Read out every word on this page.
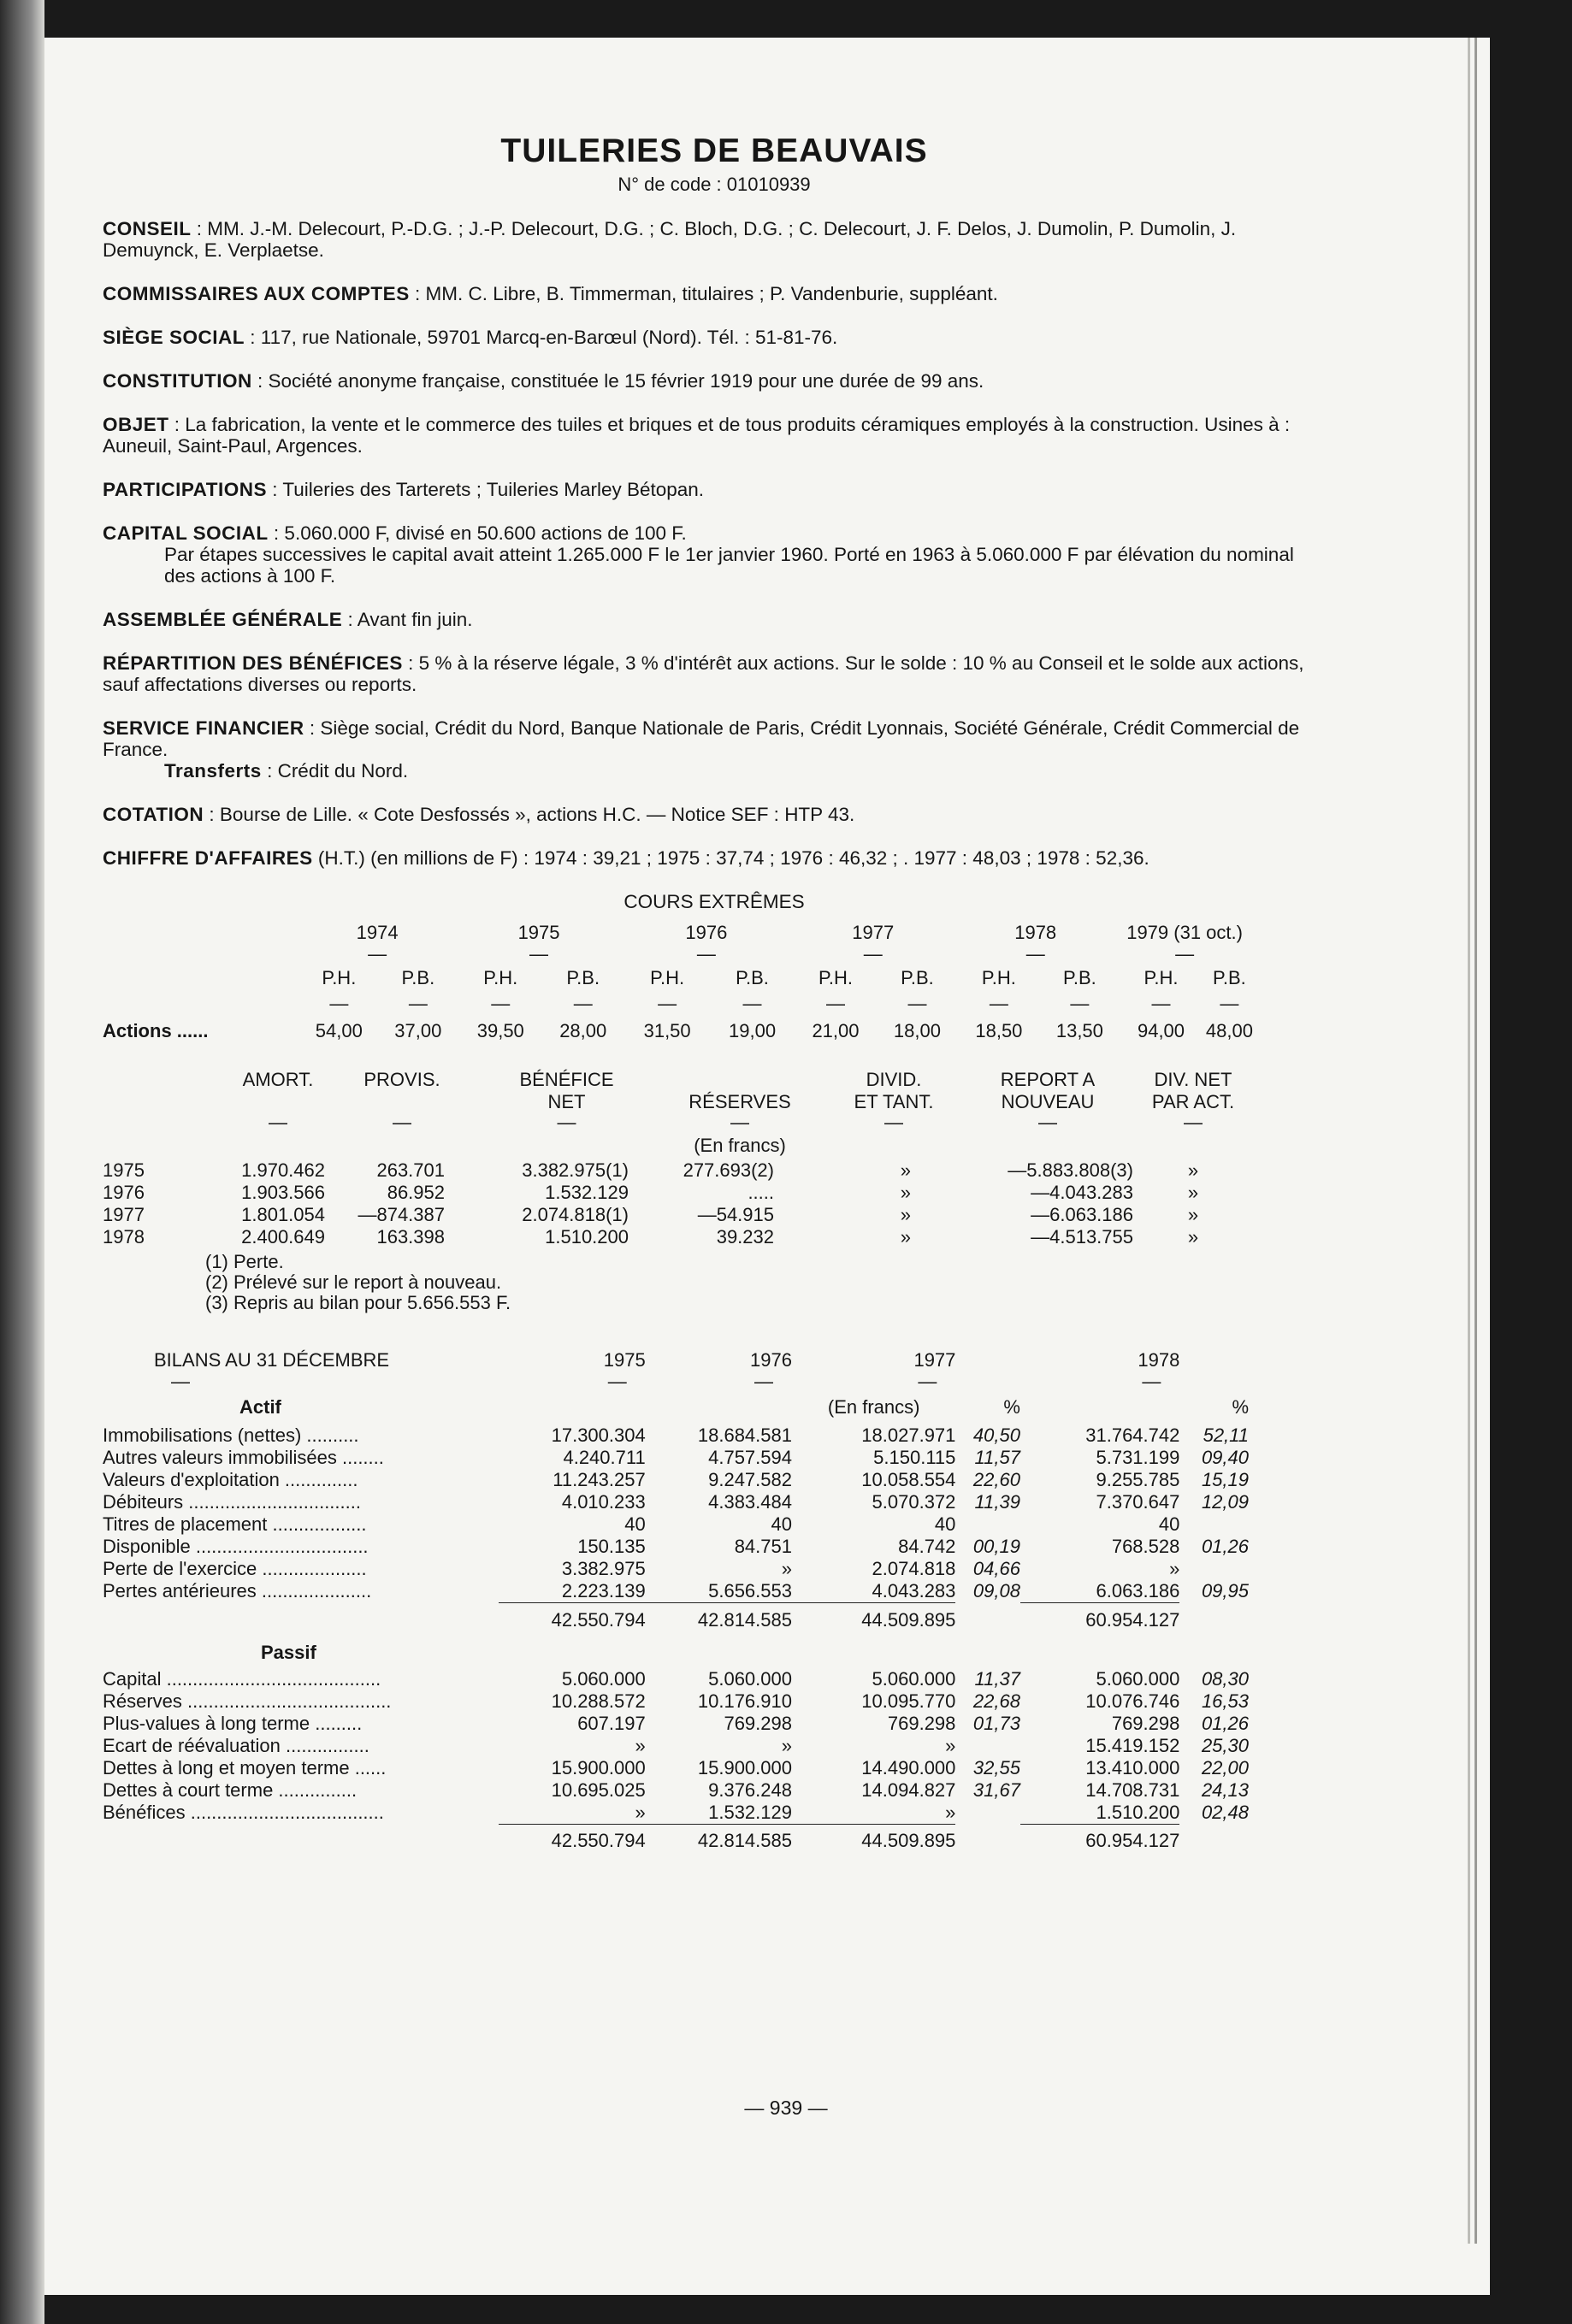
TUILERIES DE BEAUVAIS
N° de code : 01010939
CONSEIL : MM. J.-M. Delecourt, P.-D.G. ; J.-P. Delecourt, D.G. ; C. Bloch, D.G. ; C. Delecourt, J. F. Delos, J. Dumolin, P. Dumolin, J. Demuynck, E. Verplaetse.
COMMISSAIRES AUX COMPTES : MM. C. Libre, B. Timmerman, titulaires ; P. Vandenburie, suppléant.
SIÈGE SOCIAL : 117, rue Nationale, 59701 Marcq-en-Barœul (Nord). Tél. : 51-81-76.
CONSTITUTION : Société anonyme française, constituée le 15 février 1919 pour une durée de 99 ans.
OBJET : La fabrication, la vente et le commerce des tuiles et briques et de tous produits céramiques employés à la construction. Usines à : Auneuil, Saint-Paul, Argences.
PARTICIPATIONS : Tuileries des Tarterets ; Tuileries Marley Bétopan.
CAPITAL SOCIAL : 5.060.000 F, divisé en 50.600 actions de 100 F.
Par étapes successives le capital avait atteint 1.265.000 F le 1er janvier 1960. Porté en 1963 à 5.060.000 F par élévation du nominal des actions à 100 F.
ASSEMBLÉE GÉNÉRALE : Avant fin juin.
RÉPARTITION DES BÉNÉFICES : 5 % à la réserve légale, 3 % d'intérêt aux actions. Sur le solde : 10 % au Conseil et le solde aux actions, sauf affectations diverses ou reports.
SERVICE FINANCIER : Siège social, Crédit du Nord, Banque Nationale de Paris, Crédit Lyonnais, Société Générale, Crédit Commercial de France.
Transferts : Crédit du Nord.
COTATION : Bourse de Lille. « Cote Desfossés », actions H.C. — Notice SEF : HTP 43.
CHIFFRE D'AFFAIRES (H.T.) (en millions de F) : 1974 : 39,21 ; 1975 : 37,74 ; 1976 : 46,32 ; . 1977 : 48,03 ; 1978 : 52,36.
COURS EXTRÊMES
	1974		1975		1976		1977		1978		1979 (31 oct.)	
	—		—		—		—		—		—	
	P.H.	P.B.	P.H.	P.B.	P.H.	P.B.	P.H.	P.B.	P.H.	P.B.	P.H.	P.B.
	—	—	—	—	—	—	—	—	—	—	—	—
Actions ......	54,00	37,00	39,50	28,00	31,50	19,00	21,00	18,00	18,50	13,50	94,00	48,00
	AMORT.	PROVIS.	BÉNÉFICE		DIVID.	REPORT A	DIV. NET
			NET	RÉSERVES	ET TANT.	NOUVEAU	PAR ACT.
	—	—	—	—	—	—	—
				(En francs)			
1975	1.970.462	263.701	3.382.975(1)	277.693(2)	»	—5.883.808(3)	»
1976	1.903.566	86.952	1.532.129	.....	»	—4.043.283	»
1977	1.801.054	—874.387	2.074.818(1)	—54.915	»	—6.063.186	»
1978	2.400.649	163.398	1.510.200	39.232	»	—4.513.755	»
(1) Perte.
(2) Prélevé sur le report à nouveau.
(3) Repris au bilan pour 5.656.553 F.
BILANS AU 31 DÉCEMBRE	1975	1976	1977		1978	
—	—	—	—		—	
Actif			(En francs)	%		%
Immobilisations (nettes) ..........	17.300.304	18.684.581	18.027.971	40,50	31.764.742	52,11
Autres valeurs immobilisées ........	4.240.711	4.757.594	5.150.115	11,57	5.731.199	09,40
Valeurs d'exploitation ..............	11.243.257	9.247.582	10.058.554	22,60	9.255.785	15,19
Débiteurs .................................	4.010.233	4.383.484	5.070.372	11,39	7.370.647	12,09
Titres de placement ..................	40	40	40		40	
Disponible .................................	150.135	84.751	84.742	00,19	768.528	01,26
Perte de l'exercice ....................	3.382.975	»	2.074.818	04,66	»	
Pertes antérieures .....................	2.223.139	5.656.553	4.043.283	09,08	6.063.186	09,95
	42.550.794	42.814.585	44.509.895		60.954.127	
Passif						
Capital .........................................	5.060.000	5.060.000	5.060.000	11,37	5.060.000	08,30
Réserves .......................................	10.288.572	10.176.910	10.095.770	22,68	10.076.746	16,53
Plus-values à long terme .........	607.197	769.298	769.298	01,73	769.298	01,26
Ecart de réévaluation ................	»	»	»		15.419.152	25,30
Dettes à long et moyen terme ......	15.900.000	15.900.000	14.490.000	32,55	13.410.000	22,00
Dettes à court terme ...............	10.695.025	9.376.248	14.094.827	31,67	14.708.731	24,13
Bénéfices .....................................	»	1.532.129	»		1.510.200	02,48
	42.550.794	42.814.585	44.509.895		60.954.127	
— 939 —
